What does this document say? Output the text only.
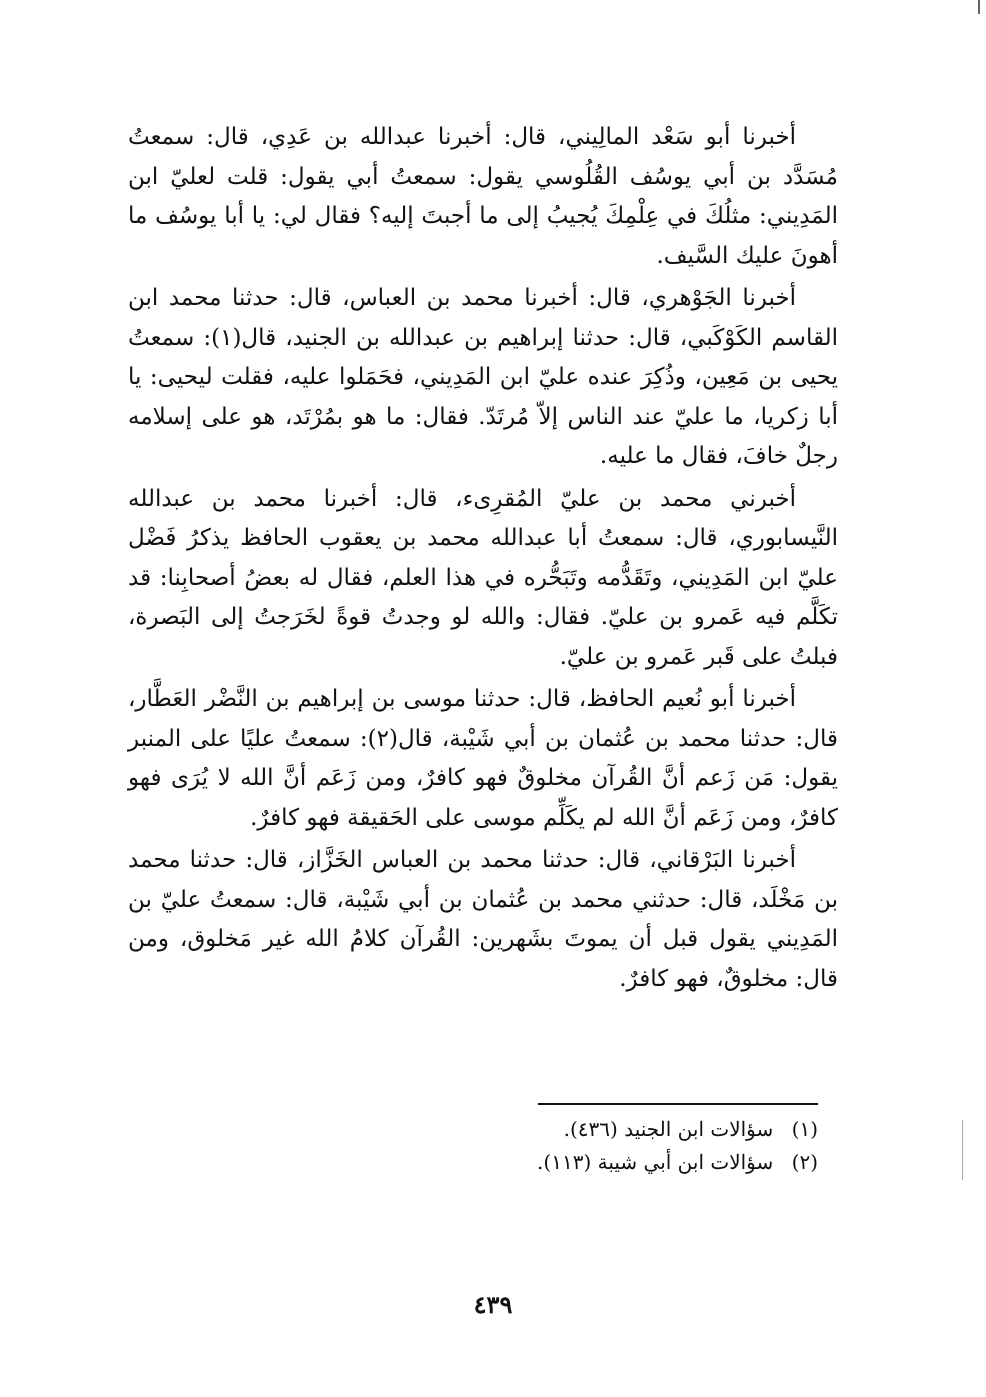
أخبرنا أبو سَعْد المالِيني، قال: أخبرنا عبدالله بن عَدِي، قال: سمعتُ مُسَدَّد بن أبي يوسُف القُلُوسي يقول: سمعتُ أبي يقول: قلت لعليّ ابن المَدِيني: مثلُكَ في عِلْمِكَ يُجيبُ إلى ما أجبتَ إليه؟ فقال لي: يا أبا يوسُف ما أهونَ عليك السَّيف.

أخبرنا الجَوْهري، قال: أخبرنا محمد بن العباس، قال: حدثنا محمد ابن القاسم الكَوْكَبي، قال: حدثنا إبراهيم بن عبدالله بن الجنيد، قال(١): سمعتُ يحيى بن مَعِين، وذُكِرَ عنده عليّ ابن المَدِيني، فحَمَلوا عليه، فقلت ليحيى: يا أبا زكريا، ما عليّ عند الناس إلاّ مُرتَدّ. فقال: ما هو بمُرْتَد، هو على إسلامه رجلٌ خافَ، فقال ما عليه.

أخبرني محمد بن عليّ المُقرِىء، قال: أخبرنا محمد بن عبدالله النَّيسابوري، قال: سمعتُ أبا عبدالله محمد بن يعقوب الحافظ يذكرُ فَضْل عليّ ابن المَدِيني، وتَقَدُّمه وتَبَحُّره في هذا العلم، فقال له بعضُ أصحابِنا: قد تكَلَّم فيه عَمرو بن عليّ. فقال: والله لو وجدتُ قوةً لخَرَجتُ إلى البَصرة، فبلتُ على قَبر عَمرو بن عليّ.

أخبرنا أبو نُعيم الحافظ، قال: حدثنا موسى بن إبراهيم بن النَّضْر العَطَّار، قال: حدثنا محمد بن عُثمان بن أبي شَيْبة، قال(٢): سمعتُ عليًا على المنبر يقول: مَن زَعم أنَّ القُرآن مخلوقٌ فهو كافرٌ، ومن زَعَم أنَّ الله لا يُرَى فهو كافرٌ، ومن زَعَم أنَّ الله لم يكَلِّم موسى على الحَقيقة فهو كافرٌ.

أخبرنا البَرْقاني، قال: حدثنا محمد بن العباس الخَزَّاز، قال: حدثنا محمد بن مَخْلَد، قال: حدثني محمد بن عُثمان بن أبي شَيْبة، قال: سمعتُ عليّ بن المَدِيني يقول قبل أن يموتَ بشَهرين: القُرآن كلامُ الله غير مَخلوق، ومن قال: مخلوقٌ، فهو كافرٌ.

(١) سؤالات ابن الجنيد (٤٣٦).
(٢) سؤالات ابن أبي شيبة (١١٣).
٤٣٩
